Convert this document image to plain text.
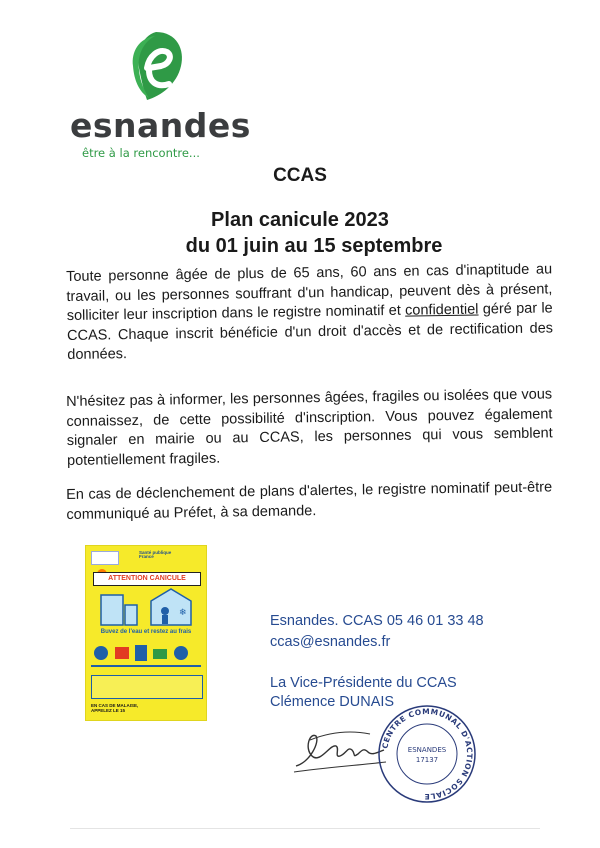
esnandes
être à la rencontre...
CCAS
Plan canicule 2023
du 01 juin au 15 septembre
Toute personne âgée de plus de 65 ans, 60 ans en cas d'inaptitude au travail, ou les personnes souffrant d'un handicap, peuvent dès à présent, solliciter leur inscription dans le registre nominatif et confidentiel géré par le CCAS. Chaque inscrit bénéficie d'un droit d'accès et de rectification des données.
N'hésitez pas à informer, les personnes âgées, fragiles ou isolées que vous connaissez, de cette possibilité d'inscription. Vous pouvez également signaler en mairie ou au CCAS, les personnes qui vous semblent potentiellement fragiles.
En cas de déclenchement de plans d'alertes, le registre nominatif peut-être communiqué au Préfet, à sa demande.
Santé publique France
ATTENTION CANICULE
❄
Buvez de l'eau et restez au frais
EN CAS DE MALAISE, APPELEZ LE 15
Esnandes. CCAS 05 46 01 33 48
ccas@esnandes.fr
La Vice-Présidente du CCAS
Clémence DUNAIS
CENTRE COMMUNAL D'ACTION SOCIALE
ESNANDES
17137
